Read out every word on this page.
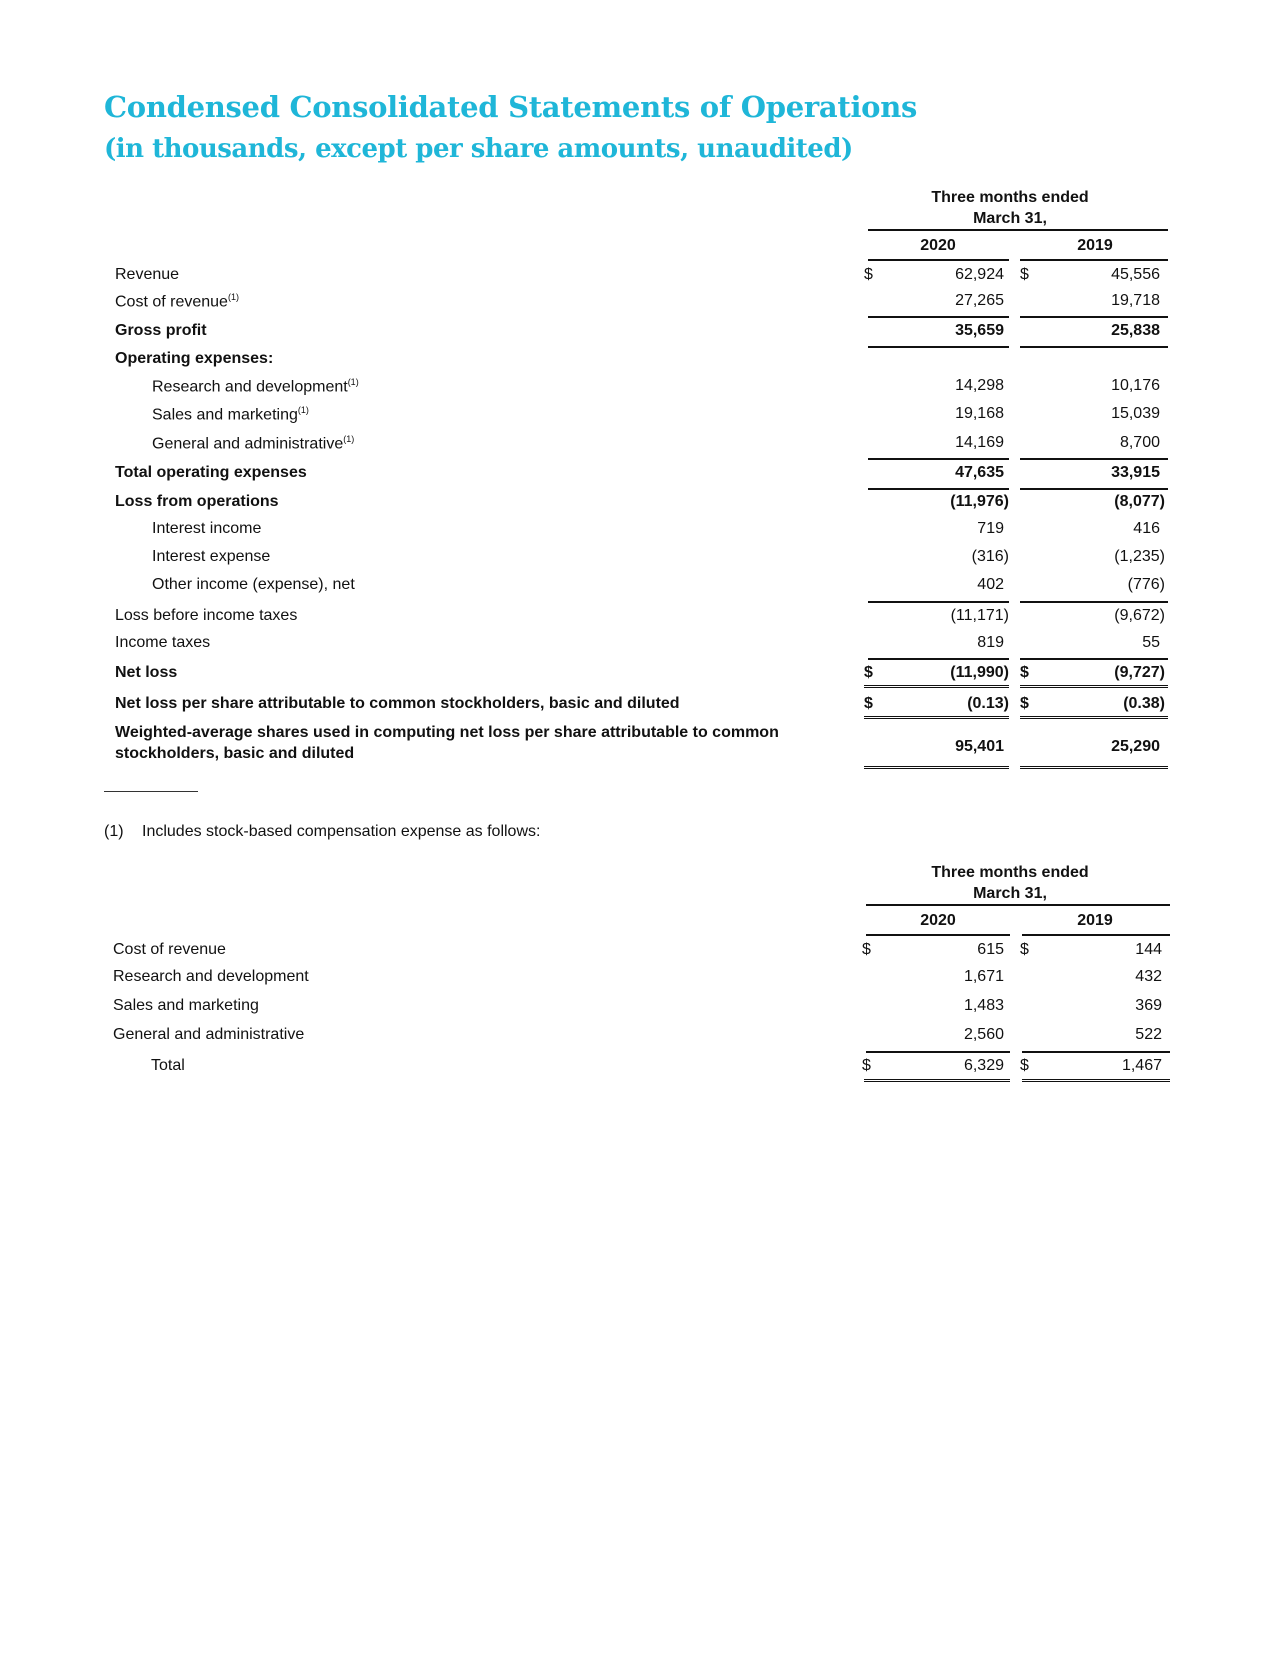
Condensed Consolidated Statements of Operations
(in thousands, except per share amounts, unaudited)
Three months ended
March 31,
2020	2019
Revenue	$	62,924 $	45,556
Cost of revenue$^{(1)}$	27,265	19,718
Gross profit	35,659	25,838
Operating expenses:
Research and development$^{(1)}$	14,298	10,176
Sales and marketing$^{(1)}$	19,168	15,039
General and administrative$^{(1)}$	14,169	8,700
Total operating expenses	47,635	33,915
Loss from operations	(11,976)	(8,077)
Interest income	719	416
Interest expense	(316)	(1,235)
Other income (expense), net	402	(776)
Loss before income taxes	(11,171)	(9,672)
Income taxes	819	55
Net loss	$	(11,990) $	(9,727)
Net loss per share attributable to common stockholders, basic and diluted	$	(0.13) $	(0.38)
Weighted-average shares used in computing net loss per share attributable to common
stockholders, basic and diluted	95,401	25,290
(1) Includes stock-based compensation expense as follows:
Three months ended
March 31,
2020	2019
Cost of revenue	$	615 $	144
Research and development	1,671	432
Sales and marketing	1,483	369
General and administrative	2,560	522
Total	$	6,329 $	1,467
